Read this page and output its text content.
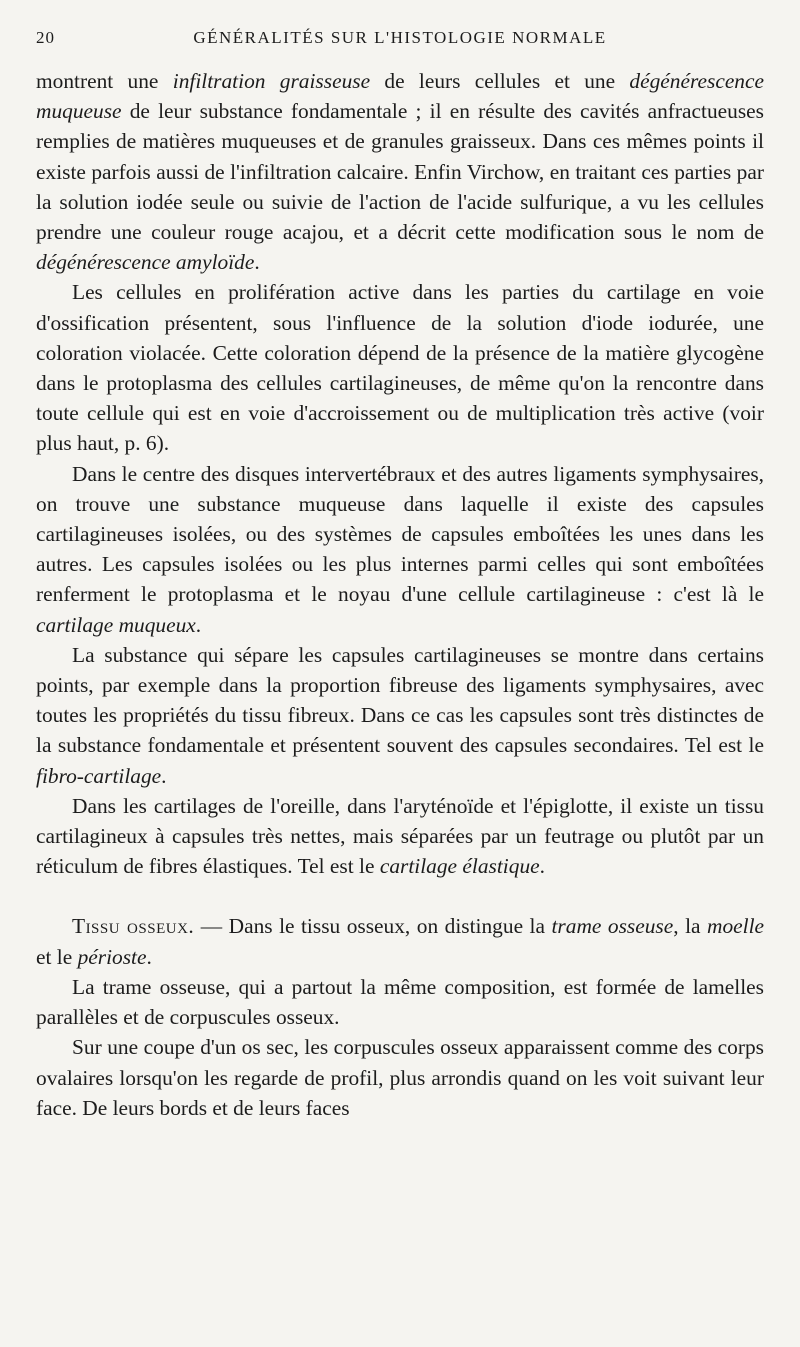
20	GÉNÉRALITÉS SUR L'HISTOLOGIE NORMALE

montrent une infiltration graisseuse de leurs cellules et une dégénérescence muqueuse de leur substance fondamentale ; il en résulte des cavités anfractueuses remplies de matières muqueuses et de granules graisseux. Dans ces mêmes points il existe parfois aussi de l'infiltration calcaire. Enfin Virchow, en traitant ces parties par la solution iodée seule ou suivie de l'action de l'acide sulfurique, a vu les cellules prendre une couleur rouge acajou, et a décrit cette modification sous le nom de dégénérescence amyloïde.

Les cellules en prolifération active dans les parties du cartilage en voie d'ossification présentent, sous l'influence de la solution d'iode iodurée, une coloration violacée. Cette coloration dépend de la présence de la matière glycogène dans le protoplasma des cellules cartilagineuses, de même qu'on la rencontre dans toute cellule qui est en voie d'accroissement ou de multiplication très active (voir plus haut, p. 6).

Dans le centre des disques intervertébraux et des autres ligaments symphysaires, on trouve une substance muqueuse dans laquelle il existe des capsules cartilagineuses isolées, ou des systèmes de capsules emboîtées les unes dans les autres. Les capsules isolées ou les plus internes parmi celles qui sont emboîtées renferment le protoplasma et le noyau d'une cellule cartilagineuse : c'est là le cartilage muqueux.

La substance qui sépare les capsules cartilagineuses se montre dans certains points, par exemple dans la proportion fibreuse des ligaments symphysaires, avec toutes les propriétés du tissu fibreux. Dans ce cas les capsules sont très distinctes de la substance fondamentale et présentent souvent des capsules secondaires. Tel est le fibro-cartilage.

Dans les cartilages de l'oreille, dans l'aryténoïde et l'épiglotte, il existe un tissu cartilagineux à capsules très nettes, mais séparées par un feutrage ou plutôt par un réticulum de fibres élastiques. Tel est le cartilage élastique.

Tissu osseux. — Dans le tissu osseux, on distingue la trame osseuse, la moelle et le périoste.

La trame osseuse, qui a partout la même composition, est formée de lamelles parallèles et de corpuscules osseux.

Sur une coupe d'un os sec, les corpuscules osseux apparaissent comme des corps ovalaires lorsqu'on les regarde de profil, plus arrondis quand on les voit suivant leur face. De leurs bords et de leurs faces
